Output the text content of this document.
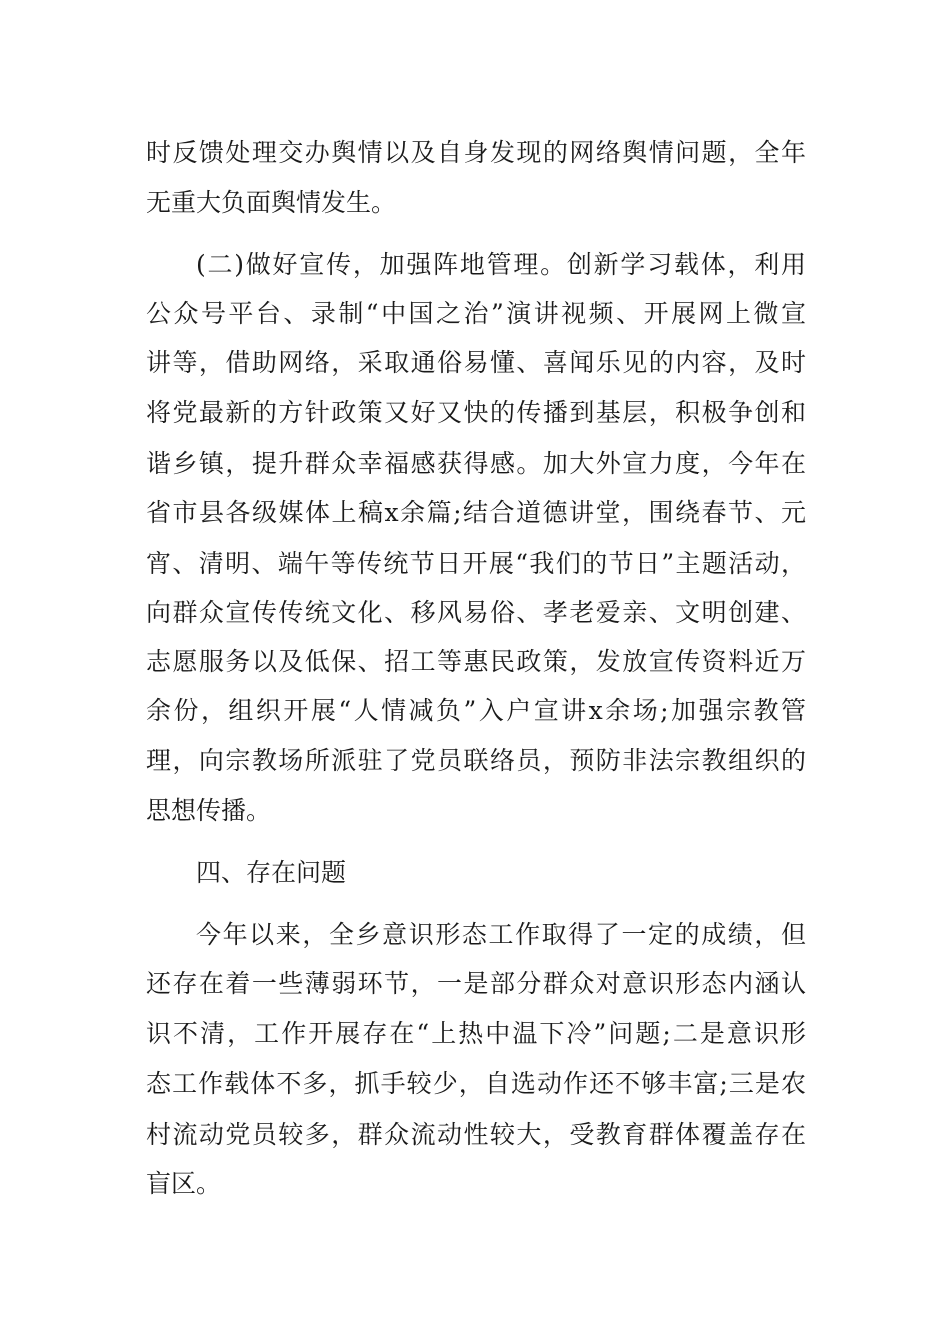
时反馈处理交办舆情以及自身发现的网络舆情问题，全年
无重大负面舆情发生。
(二)做好宣传，加强阵地管理。创新学习载体，利用
公众号平台、录制“中国之治”演讲视频、开展网上微宣
讲等，借助网络，采取通俗易懂、喜闻乐见的内容，及时
将党最新的方针政策又好又快的传播到基层，积极争创和
谐乡镇，提升群众幸福感获得感。加大外宣力度，今年在
省市县各级媒体上稿x余篇;结合道德讲堂，围绕春节、元
宵、清明、端午等传统节日开展“我们的节日”主题活动，
向群众宣传传统文化、移风易俗、孝老爱亲、文明创建、
志愿服务以及低保、招工等惠民政策，发放宣传资料近万
余份，组织开展“人情减负”入户宣讲x余场;加强宗教管
理，向宗教场所派驻了党员联络员，预防非法宗教组织的
思想传播。
四、存在问题
今年以来，全乡意识形态工作取得了一定的成绩，但
还存在着一些薄弱环节，一是部分群众对意识形态内涵认
识不清，工作开展存在“上热中温下冷”问题;二是意识形
态工作载体不多，抓手较少，自选动作还不够丰富;三是农
村流动党员较多，群众流动性较大，受教育群体覆盖存在
盲区。
